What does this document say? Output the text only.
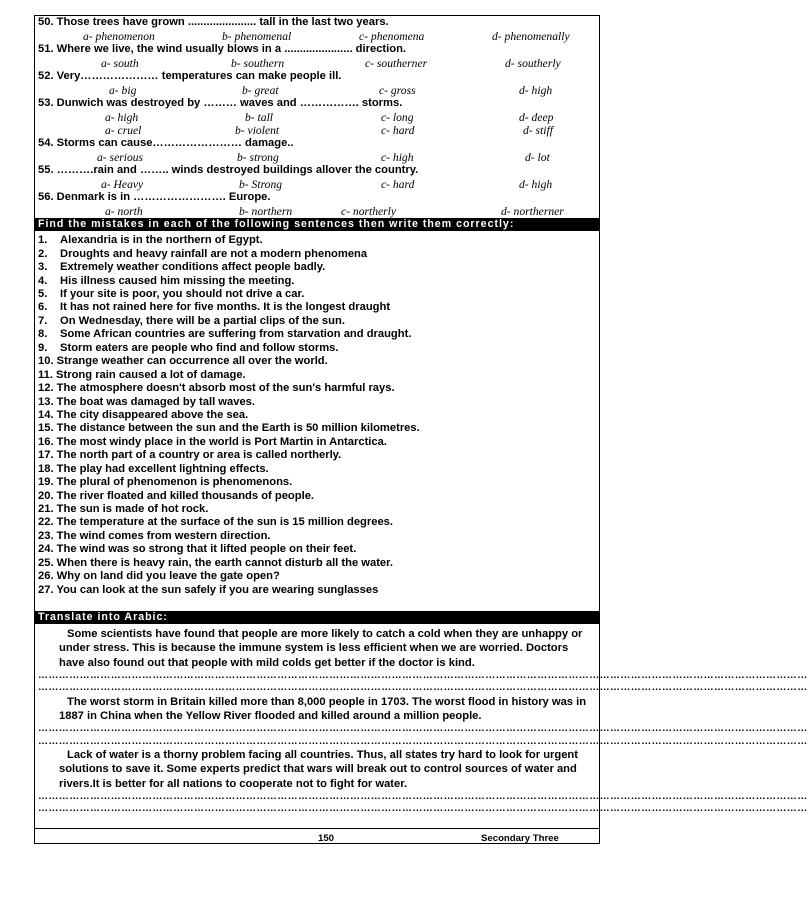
50. Those trees have grown ...................... tall in the last two years.
a- phenomenon	b- phenomenal	c- phenomena	d- phenomenally
51. Where we live, the wind usually blows in a ...................... direction.
a- south	b- southern	c- southerner	d- southerly
52. Very………………… temperatures can make people ill.
a- big	b- great	c- gross	d- high
53. Dunwich was destroyed by ……… waves and ……………. storms.
a- high	b- tall	c- long	d- deep
a- cruel	b- violent	c- hard	d- stiff
54. Storms can cause…………………… damage..
a- serious	b- strong	c- high	d- lot
55. ……….rain and …….. winds destroyed buildings allover the country.
a- Heavy	b- Strong	c- hard	d- high
56. Denmark is in ……………………. Europe.
a- north	b- northern	c- northerly	d- northerner
Find the mistakes in each of the following sentences then write them correctly:
1. Alexandria is in the northern of Egypt.
2. Droughts and heavy rainfall are not a modern phenomena
3. Extremely weather conditions affect people badly.
4. His illness caused him missing the meeting.
5. If your site is poor, you should not drive a car.
6. It has not rained here for five months. It is the longest draught
7. On Wednesday, there will be a partial clips of the sun.
8. Some African countries are suffering from starvation and draught.
9. Storm eaters are people who find and follow storms.
10. Strange weather can occurrence all over the world.
11. Strong rain caused a lot of damage.
12. The atmosphere doesn't absorb most of the sun's harmful rays.
13. The boat was damaged by tall waves.
14. The city disappeared above the sea.
15. The distance between the sun and the Earth is 50 million kilometres.
16. The most windy place in the world is Port Martin in Antarctica.
17. The north part of a country or area is called northerly.
18. The play had excellent lightning effects.
19. The plural of phenomenon is phenomenons.
20. The river floated and killed thousands of people.
21. The sun is made of hot rock.
22. The temperature at the surface of the sun is 15 million degrees.
23. The wind comes from western direction.
24. The wind was so strong that it lifted people on their feet.
25. When there is heavy rain, the earth cannot disturb all the water.
26. Why on land did you leave the gate open?
27. You can look at the sun safely if you are wearing sunglasses
Translate into Arabic:
Some scientists have found that people are more likely to catch a cold when they are unhappy or under stress. This is because the immune system is less efficient when we are worried. Doctors have also found out that people with mild colds get better if the doctor is kind.
……………………………………………………………………………………………………………………………………………………………………………………………………
……………………………………………………………………………………………………………………………………………………………………………………………………
The worst storm in Britain killed more than 8,000 people in 1703. The worst flood in history was in 1887 in China when the Yellow River flooded and killed around a million people.
……………………………………………………………………………………………………………………………………………………………………………………………………
……………………………………………………………………………………………………………………………………………………………………………………………………
Lack of water is a thorny problem facing all countries. Thus, all states try hard to look for urgent solutions to save it. Some experts predict that wars will break out to control sources of water and rivers.It is better for all nations to cooperate not to fight for water.
……………………………………………………………………………………………………………………………………………………………………………………………………
……………………………………………………………………………………………………………………………………………………………………………………………………
150	Secondary Three
